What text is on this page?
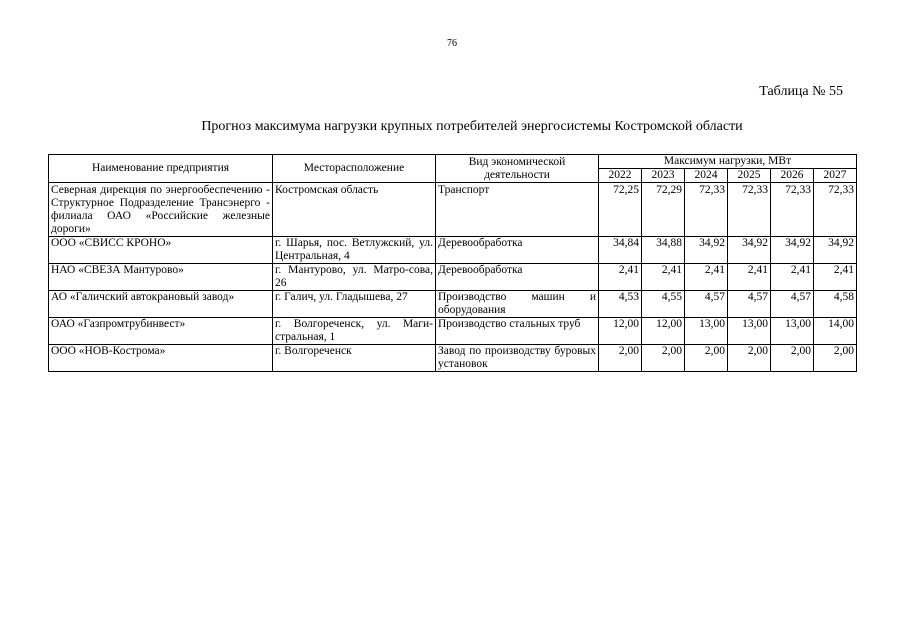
76
Таблица № 55
Прогноз максимума нагрузки крупных потребителей энергосистемы Костромской области
Наименование предприятия	Месторасположение	Вид экономической деятельности	Максимум нагрузки, МВт					
			2022	2023	2024	2025	2026	2027
Северная дирекция по энергообеспечению - Структурное Подразделение Трансэнерго - филиала ОАО «Российские железные дороги»	Костромская область	Транспорт	72,25	72,29	72,33	72,33	72,33	72,33
ООО «СВИСС КРОНО»	г. Шарья, пос. Ветлужский, ул. Центральная, 4	Деревообработка	34,84	34,88	34,92	34,92	34,92	34,92
НАО «СВЕЗА Мантурово»	г. Мантурово, ул. Матро-сова, 26	Деревообработка	2,41	2,41	2,41	2,41	2,41	2,41
АО «Галичский автокрановый завод»	г. Галич, ул. Гладышева, 27	Производство машин и оборудования	4,53	4,55	4,57	4,57	4,57	4,58
ОАО «Газпромтрубинвест»	г. Волгореченск, ул. Маги-стральная, 1	Производство стальных труб	12,00	12,00	13,00	13,00	13,00	14,00
ООО «НОВ-Кострома»	г. Волгореченск	Завод по производству буровых установок	2,00	2,00	2,00	2,00	2,00	2,00
